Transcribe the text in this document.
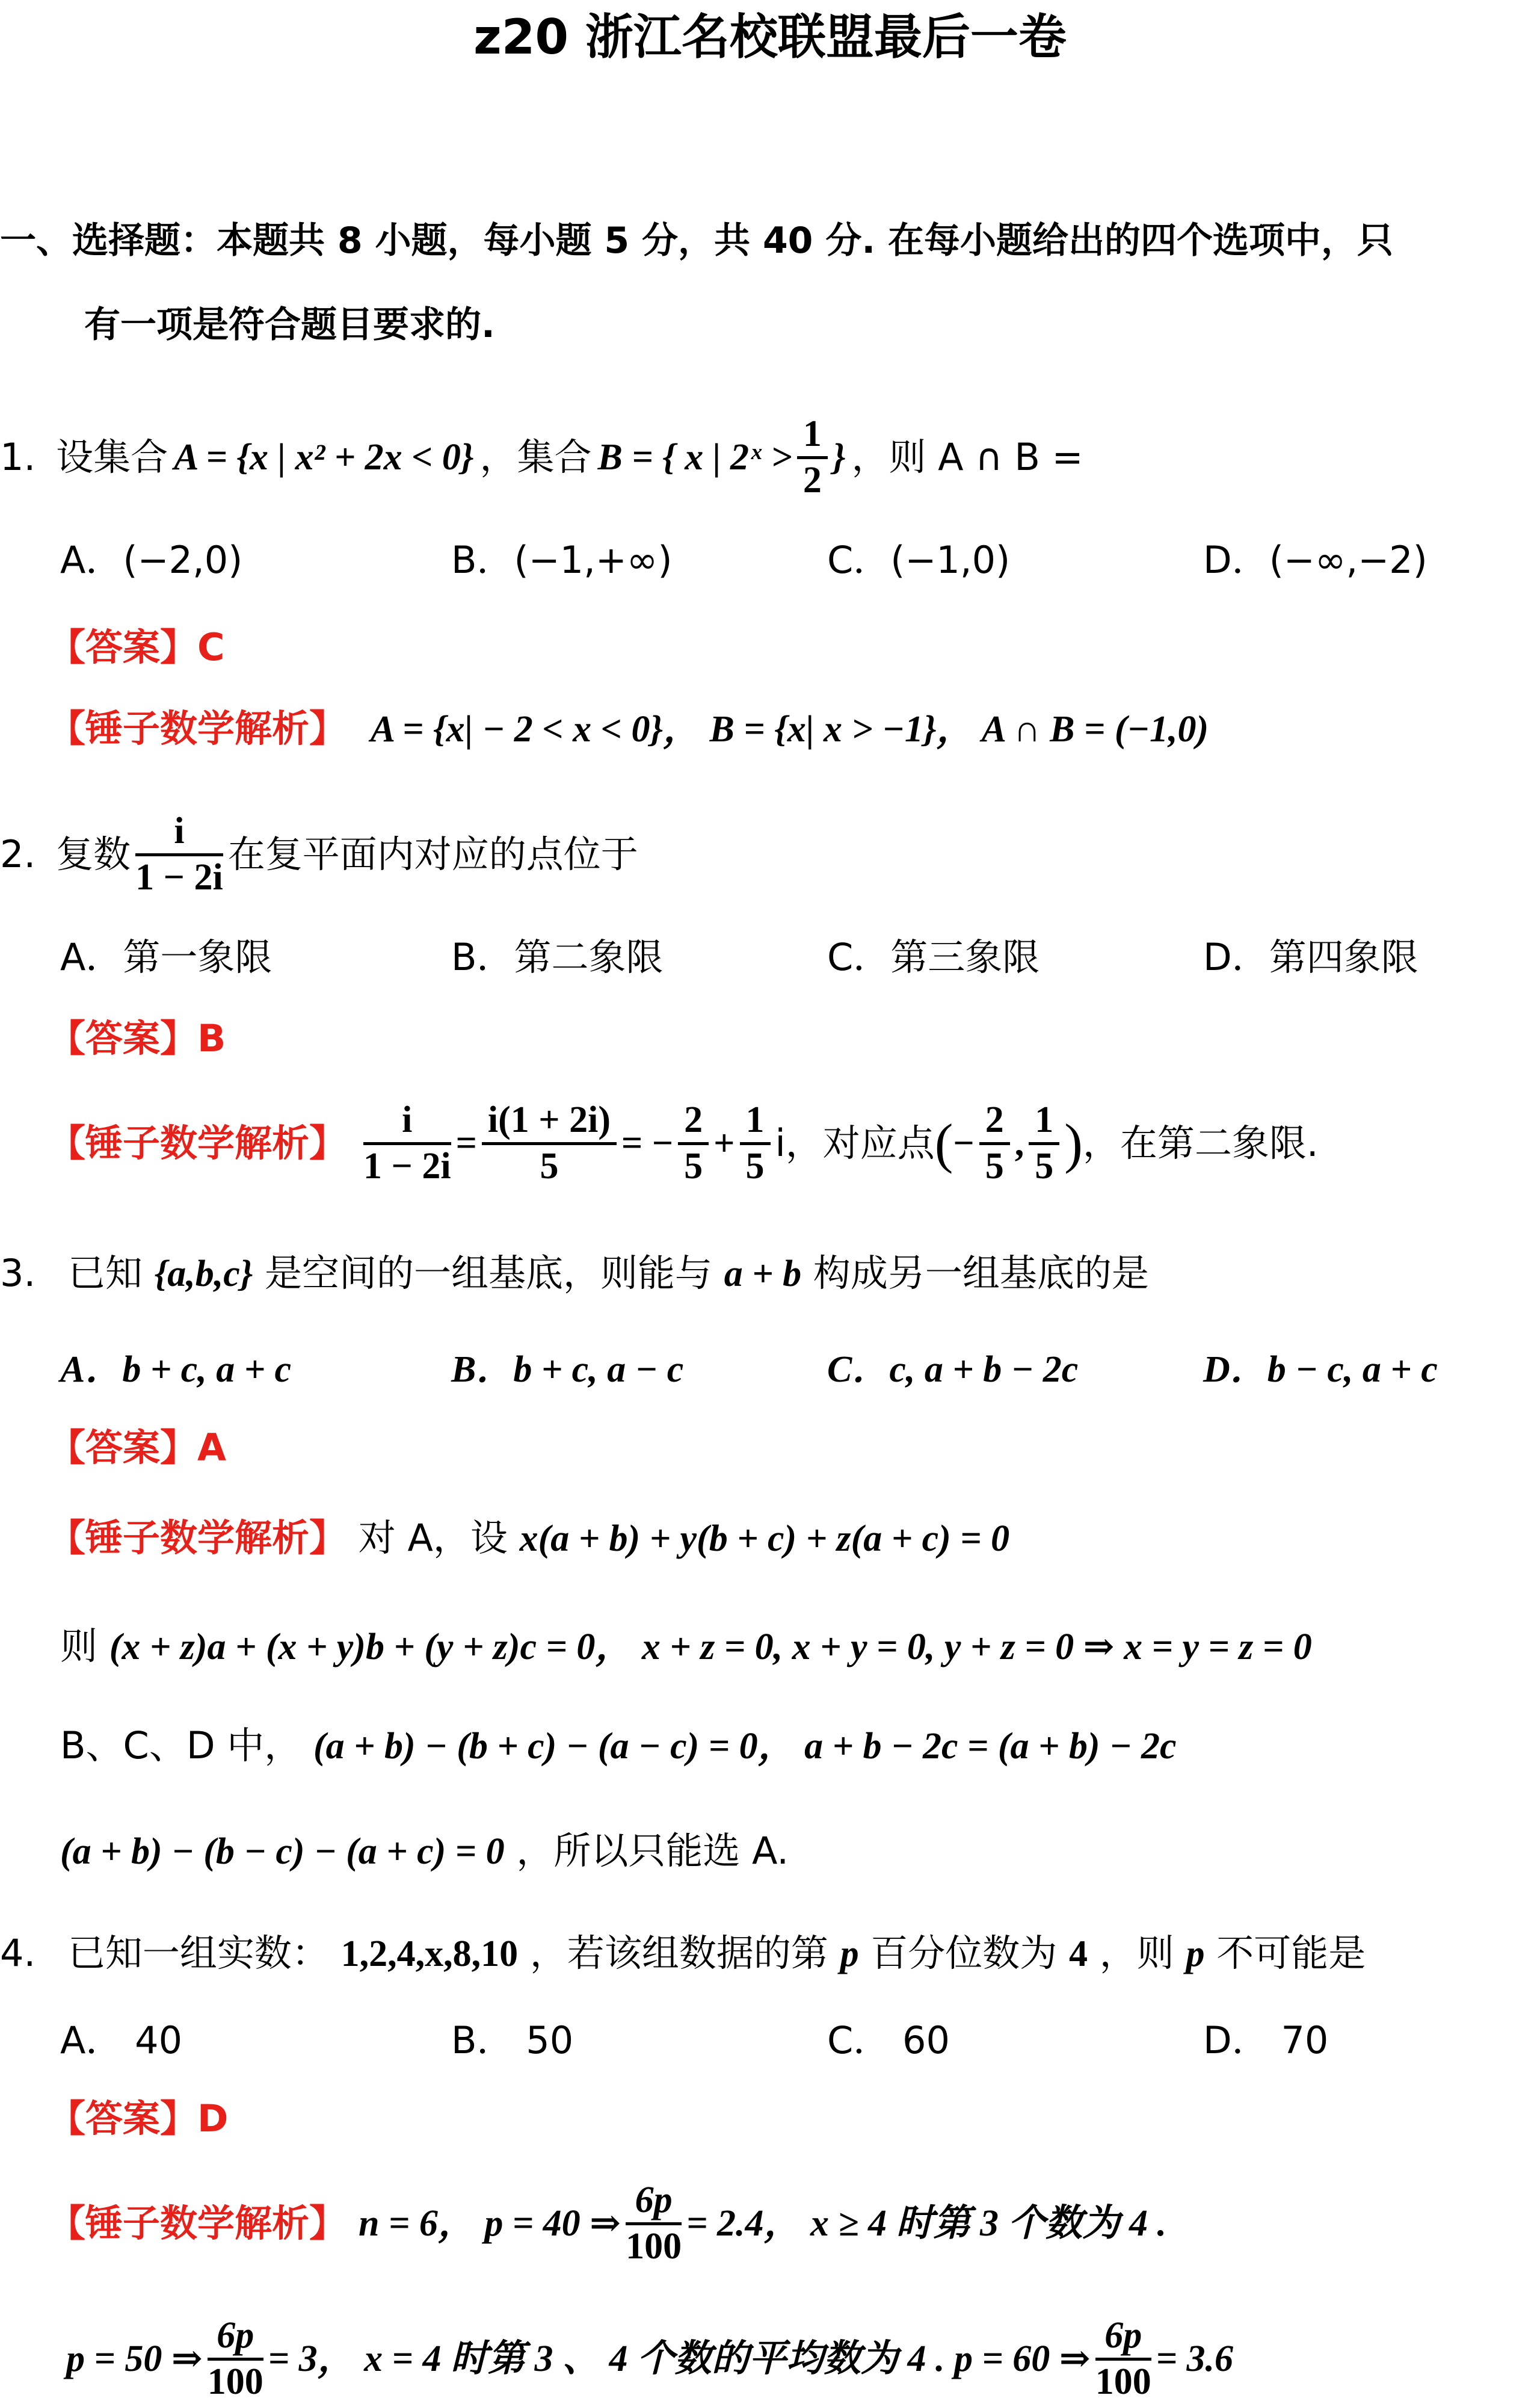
z20 浙江名校联盟最后一卷
一、选择题：本题共 8 小题，每小题 5 分，共 40 分. 在每小题给出的四个选项中，只
有一项是符合题目要求的.
1. 设集合 A = {x | x² + 2x < 0} ，集合 B = { x | 2ˣ > $\frac{1}{2}$ } ，则 A ∩ B =
A．(−2,0)	B．(−1,+∞)	C．(−1,0)	D．(−∞,−2)
【答案】C
【锤子数学解析】 A = {x| − 2 < x < 0}， B = {x| x > −1}， A ∩ B = (−1,0)
2. 复数 $\frac{i}{1 - 2i}$ 在复平面内对应的点位于
A．第一象限	B．第二象限	C．第三象限	D．第四象限
【答案】B
【锤子数学解析】 $\frac{i}{1 - 2i} = \frac{i(1 + 2i)}{5}$ = − $\frac{2}{5} + \frac{1}{5}$ i，对应点 ( − $\frac{2}{5}$ , $\frac{1}{5}$ ) ，在第二象限.
3. 已知 {a,b,c} 是空间的一组基底，则能与 a + b 构成另一组基底的是
A．b + c, a + c	B．b + c, a − c	C．c, a + b − 2c	D．b − c, a + c
【答案】A
【锤子数学解析】 对 A，设 x(a + b) + y(b + c) + z(a + c) = 0
则 (x + z)a + (x + y)b + (y + z)c = 0， x + z = 0, x + y = 0, y + z = 0 ⇒ x = y = z = 0
B、C、D 中， (a + b) − (b + c) − (a − c) = 0， a + b − 2c = (a + b) − 2c
(a + b) − (b − c) − (a + c) = 0 ，所以只能选 A.
4. 已知一组实数： 1,2,4,x,8,10 ，若该组数据的第 p 百分位数为 4 ，则 p 不可能是
A． 40	B． 50	C． 60	D． 70
【答案】D
【锤子数学解析】 n = 6， p = 40 ⇒ $\frac{6p}{100} = 2.4$， x ≥ 4 时第 3 个数为 4 .
p = 50 ⇒ $\frac{6p}{100} = 3$， x = 4 时第 3 、 4 个数的平均数为 4 . p = 60 ⇒ $\frac{6p}{100} = 3.6$
